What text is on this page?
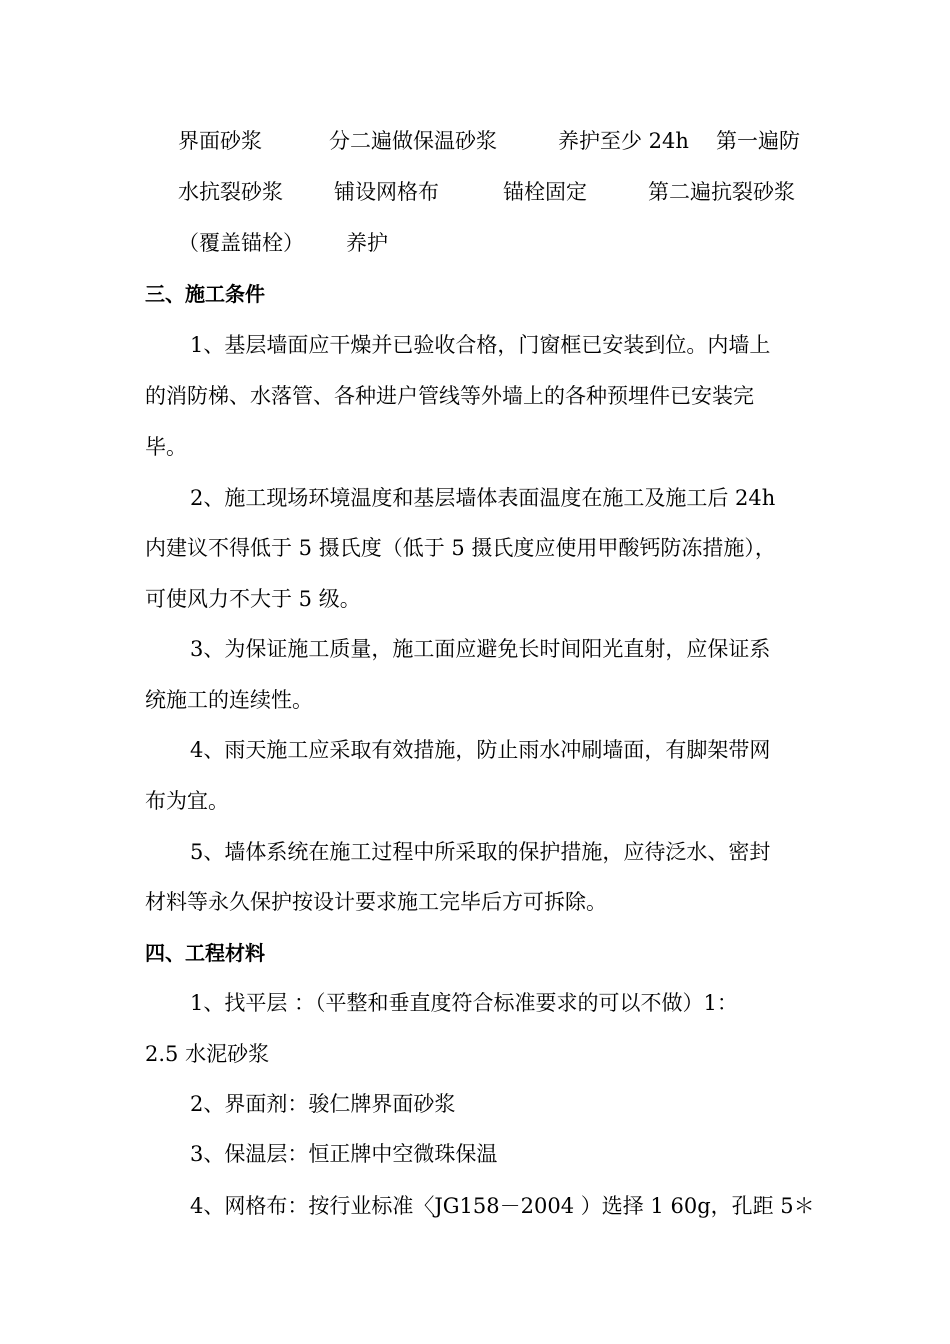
界面砂浆	分二遍做保温砂浆	养护至少 24h 第一遍防
水抗裂砂浆 铺设网格布	锚栓固定	第二遍抗裂砂浆
（覆盖锚栓） 养护
三、施工条件
1、基层墙面应干燥并已验收合格，门窗框已安装到位。内墙上
的消防梯、水落管、各种进户管线等外墙上的各种预埋件已安装完
毕。
2、施工现场环境温度和基层墙体表面温度在施工及施工后 24h
内建议不得低于 5 摄氏度（低于 5 摄氏度应使用甲酸钙防冻措施），
可使风力不大于 5 级。
3、为保证施工质量，施工面应避免长时间阳光直射，应保证系
统施工的连续性。
4、雨天施工应采取有效措施，防止雨水冲刷墙面，有脚架带网
布为宜。
5、墙体系统在施工过程中所采取的保护措施，应待泛水、密封
材料等永久保护按设计要求施工完毕后方可拆除。
四、工程材料
1、找平层 ：（平整和垂直度符合标准要求的可以不做）1：
2.5 水泥砂浆
2、界面剂：骏仁牌界面砂浆
3、保温层：恒正牌中空微珠保温
4、网格布：按行业标准〈JG158－2004 ）选择 1 60g，孔距 5＊
